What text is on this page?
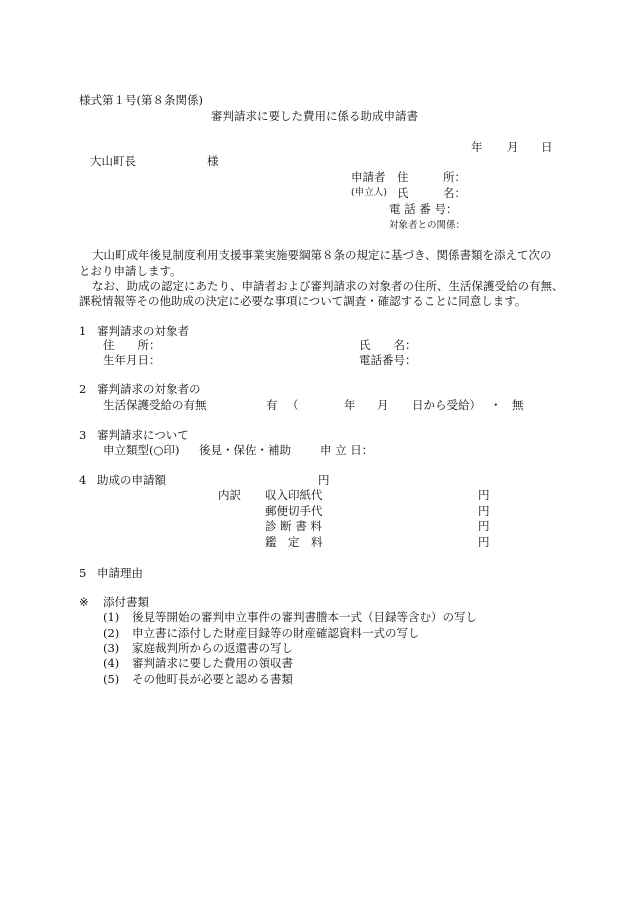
様式第１号(第８条関係)
審判請求に要した費用に係る助成申請書
年 月 日
大山町長	様
申請者 住　　　所：
(申立人) 氏　　　名：
電 話 番 号：
対象者との関係：
大山町成年後見制度利用支援事業実施要綱第８条の規定に基づき、関係書類を添えて次の
とおり申請します。
なお、助成の認定にあたり、申請者および審判請求の対象者の住所、生活保護受給の有無、
課税情報等その他助成の決定に必要な事項について調査・確認することに同意します。
1 審判請求の対象者
住　　所：	氏　　名：
生年月日：	電話番号：
2 審判請求の対象者の
生活保護受給の有無	有 （	年 月 日から受給） ・ 無
3 審判請求について
申立類型(○印) 後見・保佐・補助	申 立 日：
4 助成の申請額	円
内訳 収入印紙代	円
郵便切手代	円
診 断 書 料	円
鑑　定　料	円
5 申請理由
※ 添付書類
(1) 後見等開始の審判申立事件の審判書謄本一式（目録等含む）の写し
(2) 申立書に添付した財産目録等の財産確認資料一式の写し
(3) 家庭裁判所からの返還書の写し
(4) 審判請求に要した費用の領収書
(5) その他町長が必要と認める書類
